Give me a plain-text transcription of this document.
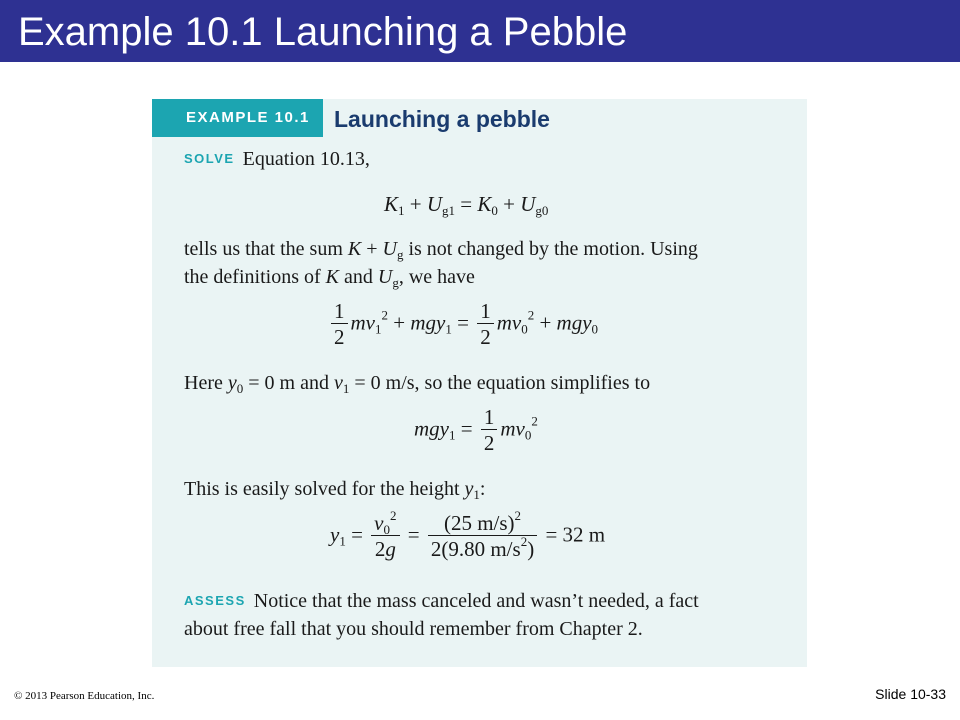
Example 10.1 Launching a Pebble
EXAMPLE 10.1	Launching a pebble
SOLVE Equation 10.13,
$K_1 + U_{g1} = K_0 + U_{g0}$
tells us that the sum $K + U_g$ is not changed by the motion. Using
the definitions of K and $U_g$, we have
$\frac{1}{2} mv_1^2 + mgy_1 = \frac{1}{2} mv_0^2 + mgy_0$
Here $y_0 = 0$ m and $v_1 = 0$ m/s, so the equation simplifies to
$mgy_1 = \frac{1}{2} mv_0^2$
This is easily solved for the height $y_1$:
$y_1 = \frac{v_0^2}{2g} = \frac{(25 m/s)^2}{2(9.80 m/s^2)} = 32$ m
ASSESS Notice that the mass canceled and wasn’t needed, a fact
about free fall that you should remember from Chapter 2.
© 2013 Pearson Education, Inc.	Slide 10-33
